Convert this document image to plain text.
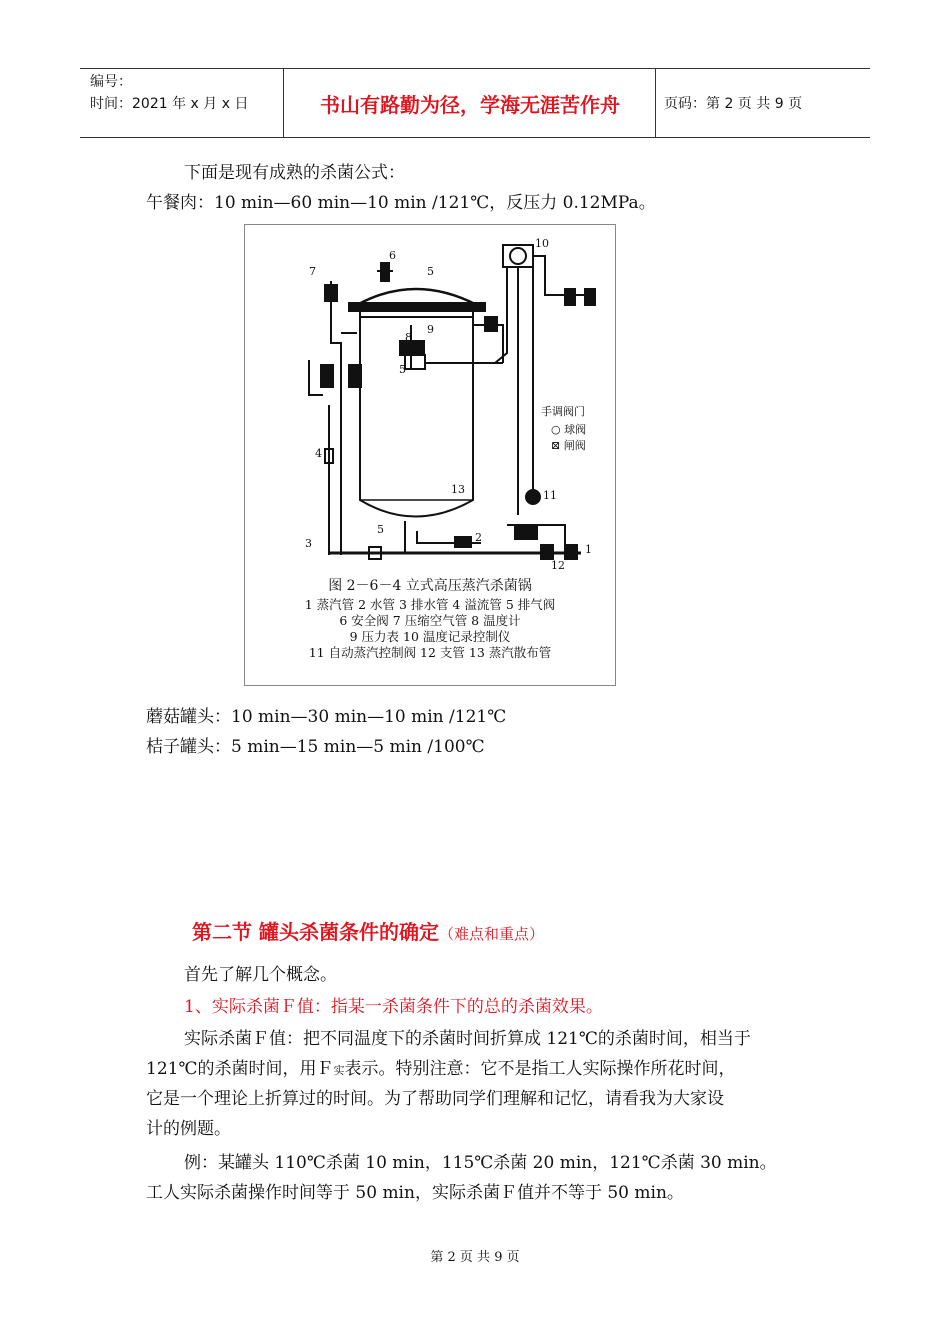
编号：
时间：2021 年 x 月 x 日	书山有路勤为径，学海无涯苦作舟	页码：第 2 页 共 9 页
下面是现有成熟的杀菌公式：
午餐肉：10 min—60 min—10 min /121℃，反压力 0.12MPa。
7
6
5
8
9
5
10
4
3
5
13
2
11
1
12
手调阀门
○ 球阀
⊠ 闸阀
图 2－6－4 立式高压蒸汽杀菌锅
1 蒸汽管 2 水管 3 排水管 4 溢流管 5 排气阀
6 安全阀 7 压缩空气管 8 温度计
9 压力表 10 温度记录控制仪
11 自动蒸汽控制阀 12 支管 13 蒸汽散布管
蘑菇罐头：10 min—30 min—10 min /121℃
桔子罐头：5 min—15 min—5 min /100℃
第二节 罐头杀菌条件的确定（难点和重点）
首先了解几个概念。
1、实际杀菌Ｆ值：指某一杀菌条件下的总的杀菌效果。
实际杀菌Ｆ值：把不同温度下的杀菌时间折算成 121℃的杀菌时间，相当于
121℃的杀菌时间，用Ｆ实表示。特别注意：它不是指工人实际操作所花时间，
它是一个理论上折算过的时间。为了帮助同学们理解和记忆，请看我为大家设
计的例题。
例：某罐头 110℃杀菌 10 min，115℃杀菌 20 min，121℃杀菌 30 min。
工人实际杀菌操作时间等于 50 min，实际杀菌Ｆ值并不等于 50 min。
第 2 页 共 9 页
